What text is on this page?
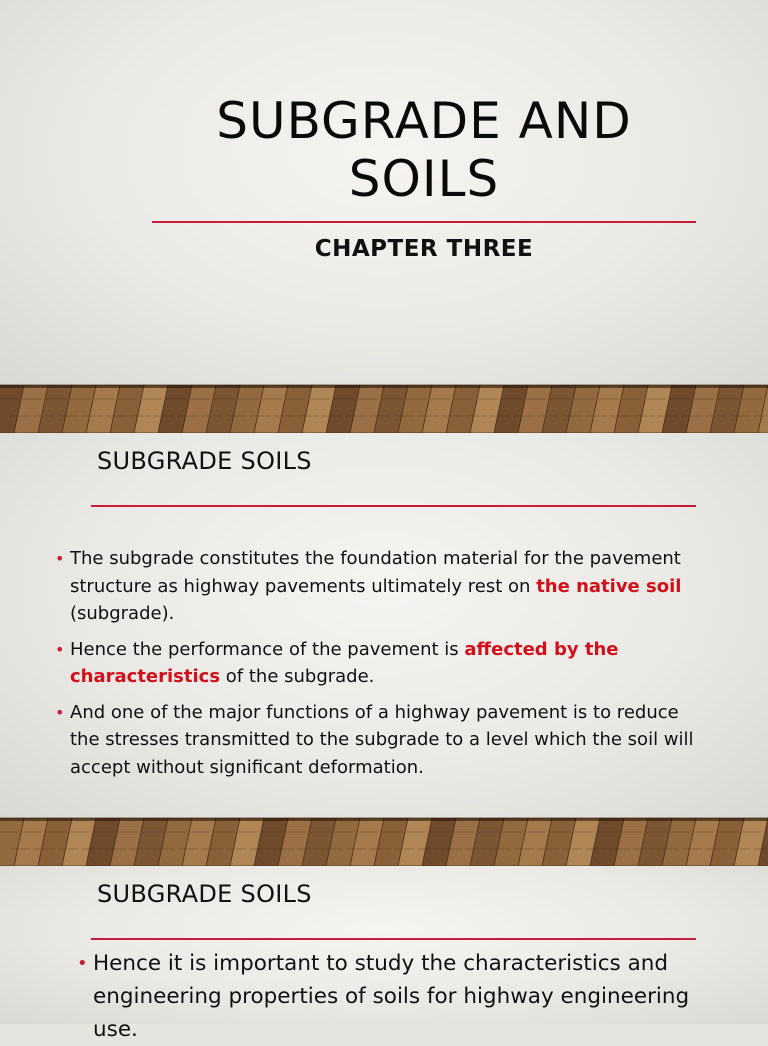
SUBGRADE AND SOILS
CHAPTER THREE
SUBGRADE SOILS
• The subgrade constitutes the foundation material for the pavement structure as highway pavements ultimately rest on the native soil (subgrade).
• Hence the performance of the pavement is affected by the characteristics of the subgrade.
• And one of the major functions of a highway pavement is to reduce the stresses transmitted to the subgrade to a level which the soil will accept without significant deformation.
SUBGRADE SOILS
• Hence it is important to study the characteristics and engineering properties of soils for highway engineering use.
